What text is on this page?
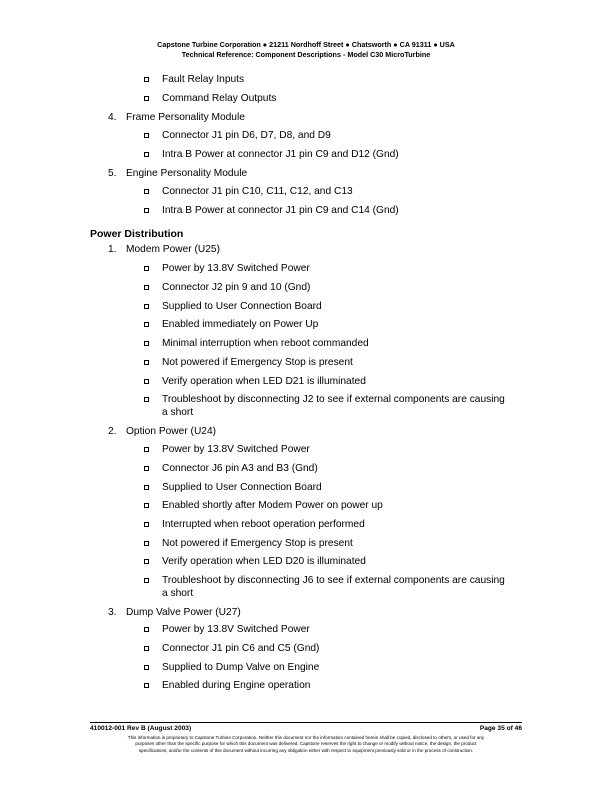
Capstone Turbine Corporation ● 21211 Nordhoff Street ● Chatsworth ● CA 91311 ● USA
Technical Reference: Component Descriptions - Model C30 MicroTurbine
Fault Relay Inputs
Command Relay Outputs
4. Frame Personality Module
Connector J1 pin D6, D7, D8, and D9
Intra B Power at connector J1 pin C9 and D12 (Gnd)
5. Engine Personality Module
Connector J1 pin C10, C11, C12, and C13
Intra B Power at connector J1 pin C9 and C14 (Gnd)
Power Distribution
1. Modem Power (U25)
Power by 13.8V Switched Power
Connector J2 pin 9 and 10 (Gnd)
Supplied to User Connection Board
Enabled immediately on Power Up
Minimal interruption when reboot commanded
Not powered if Emergency Stop is present
Verify operation when LED D21 is illuminated
Troubleshoot by disconnecting J2 to see if external components are causing
a short
2. Option Power (U24)
Power by 13.8V Switched Power
Connector J6 pin A3 and B3 (Gnd)
Supplied to User Connection Board
Enabled shortly after Modem Power on power up
Interrupted when reboot operation performed
Not powered if Emergency Stop is present
Verify operation when LED D20 is illuminated
Troubleshoot by disconnecting J6 to see if external components are causing
a short
3. Dump Valve Power (U27)
Power by 13.8V Switched Power
Connector J1 pin C6 and C5 (Gnd)
Supplied to Dump Valve on Engine
Enabled during Engine operation
410012-001 Rev B (August 2003)	Page 35 of 46
This information is proprietary to Capstone Turbine Corporation. Neither this document nor the information contained herein shall be copied, disclosed to others, or used for any
purposes other than the specific purpose for which this document was delivered. Capstone reserves the right to change or modify without notice, the design, the product
specifications, and/or the contents of this document without incurring any obligation either with respect to equipment previously sold or in the process of construction.
